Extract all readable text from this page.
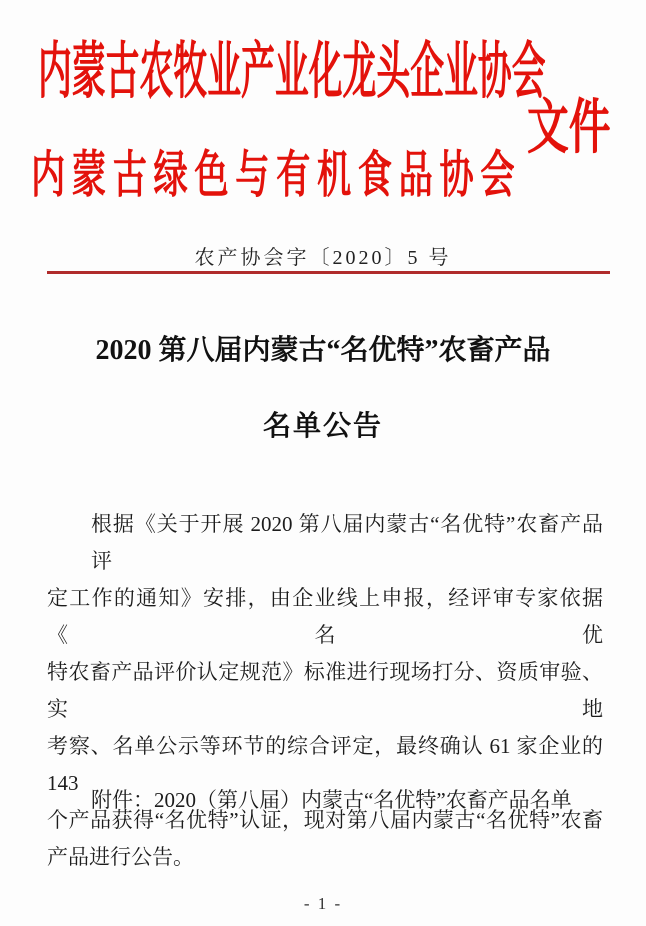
内蒙古农牧业产业化龙头企业协会
内蒙古绿色与有机食品协会
文件
农产协会字〔2020〕5 号
2020 第八届内蒙古“名优特”农畜产品
名单公告
根据《关于开展 2020 第八届内蒙古“名优特”农畜产品评
定工作的通知》安排，由企业线上申报，经评审专家依据《名优
特农畜产品评价认定规范》标准进行现场打分、资质审验、实地
考察、名单公示等环节的综合评定，最终确认 61 家企业的 143
个产品获得“名优特”认证，现对第八届内蒙古“名优特”农畜
产品进行公告。
附件：2020（第八届）内蒙古“名优特”农畜产品名单
- 1 -
